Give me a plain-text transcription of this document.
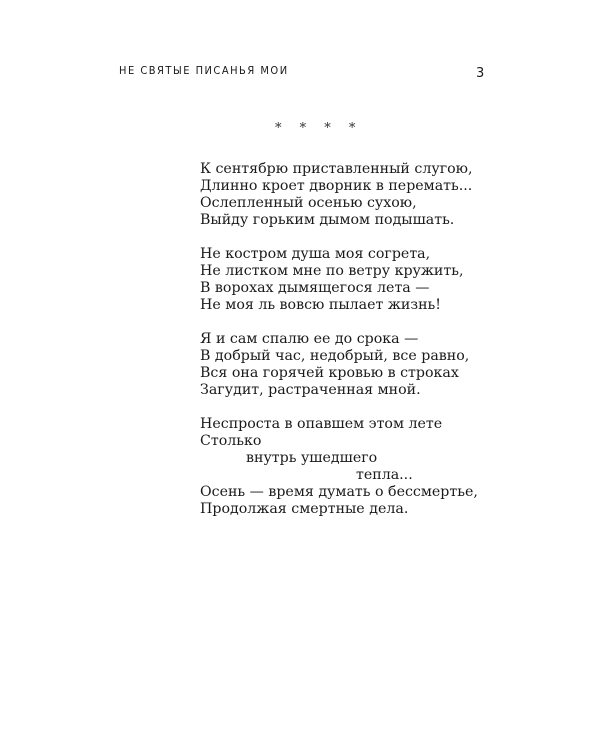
НЕ СВЯТЫЕ ПИСАНЬЯ МОИ	3
* * * *
К сентябрю приставленный слугою,
Длинно кроет дворник в перемать...
Ослепленный осенью сухою,
Выйду горьким дымом подышать.
Не костром душа моя согрета,
Не листком мне по ветру кружить,
В ворохах дымящегося лета —
Не моя ль вовсю пылает жизнь!
Я и сам спалю ее до срока —
В добрый час, недобрый, все равно,
Вся она горячей кровью в строках
Загудит, растраченная мной.
Неспроста в опавшем этом лете
Столько
внутрь ушедшего
тепла...
Осень — время думать о бессмертье,
Продолжая смертные дела.
